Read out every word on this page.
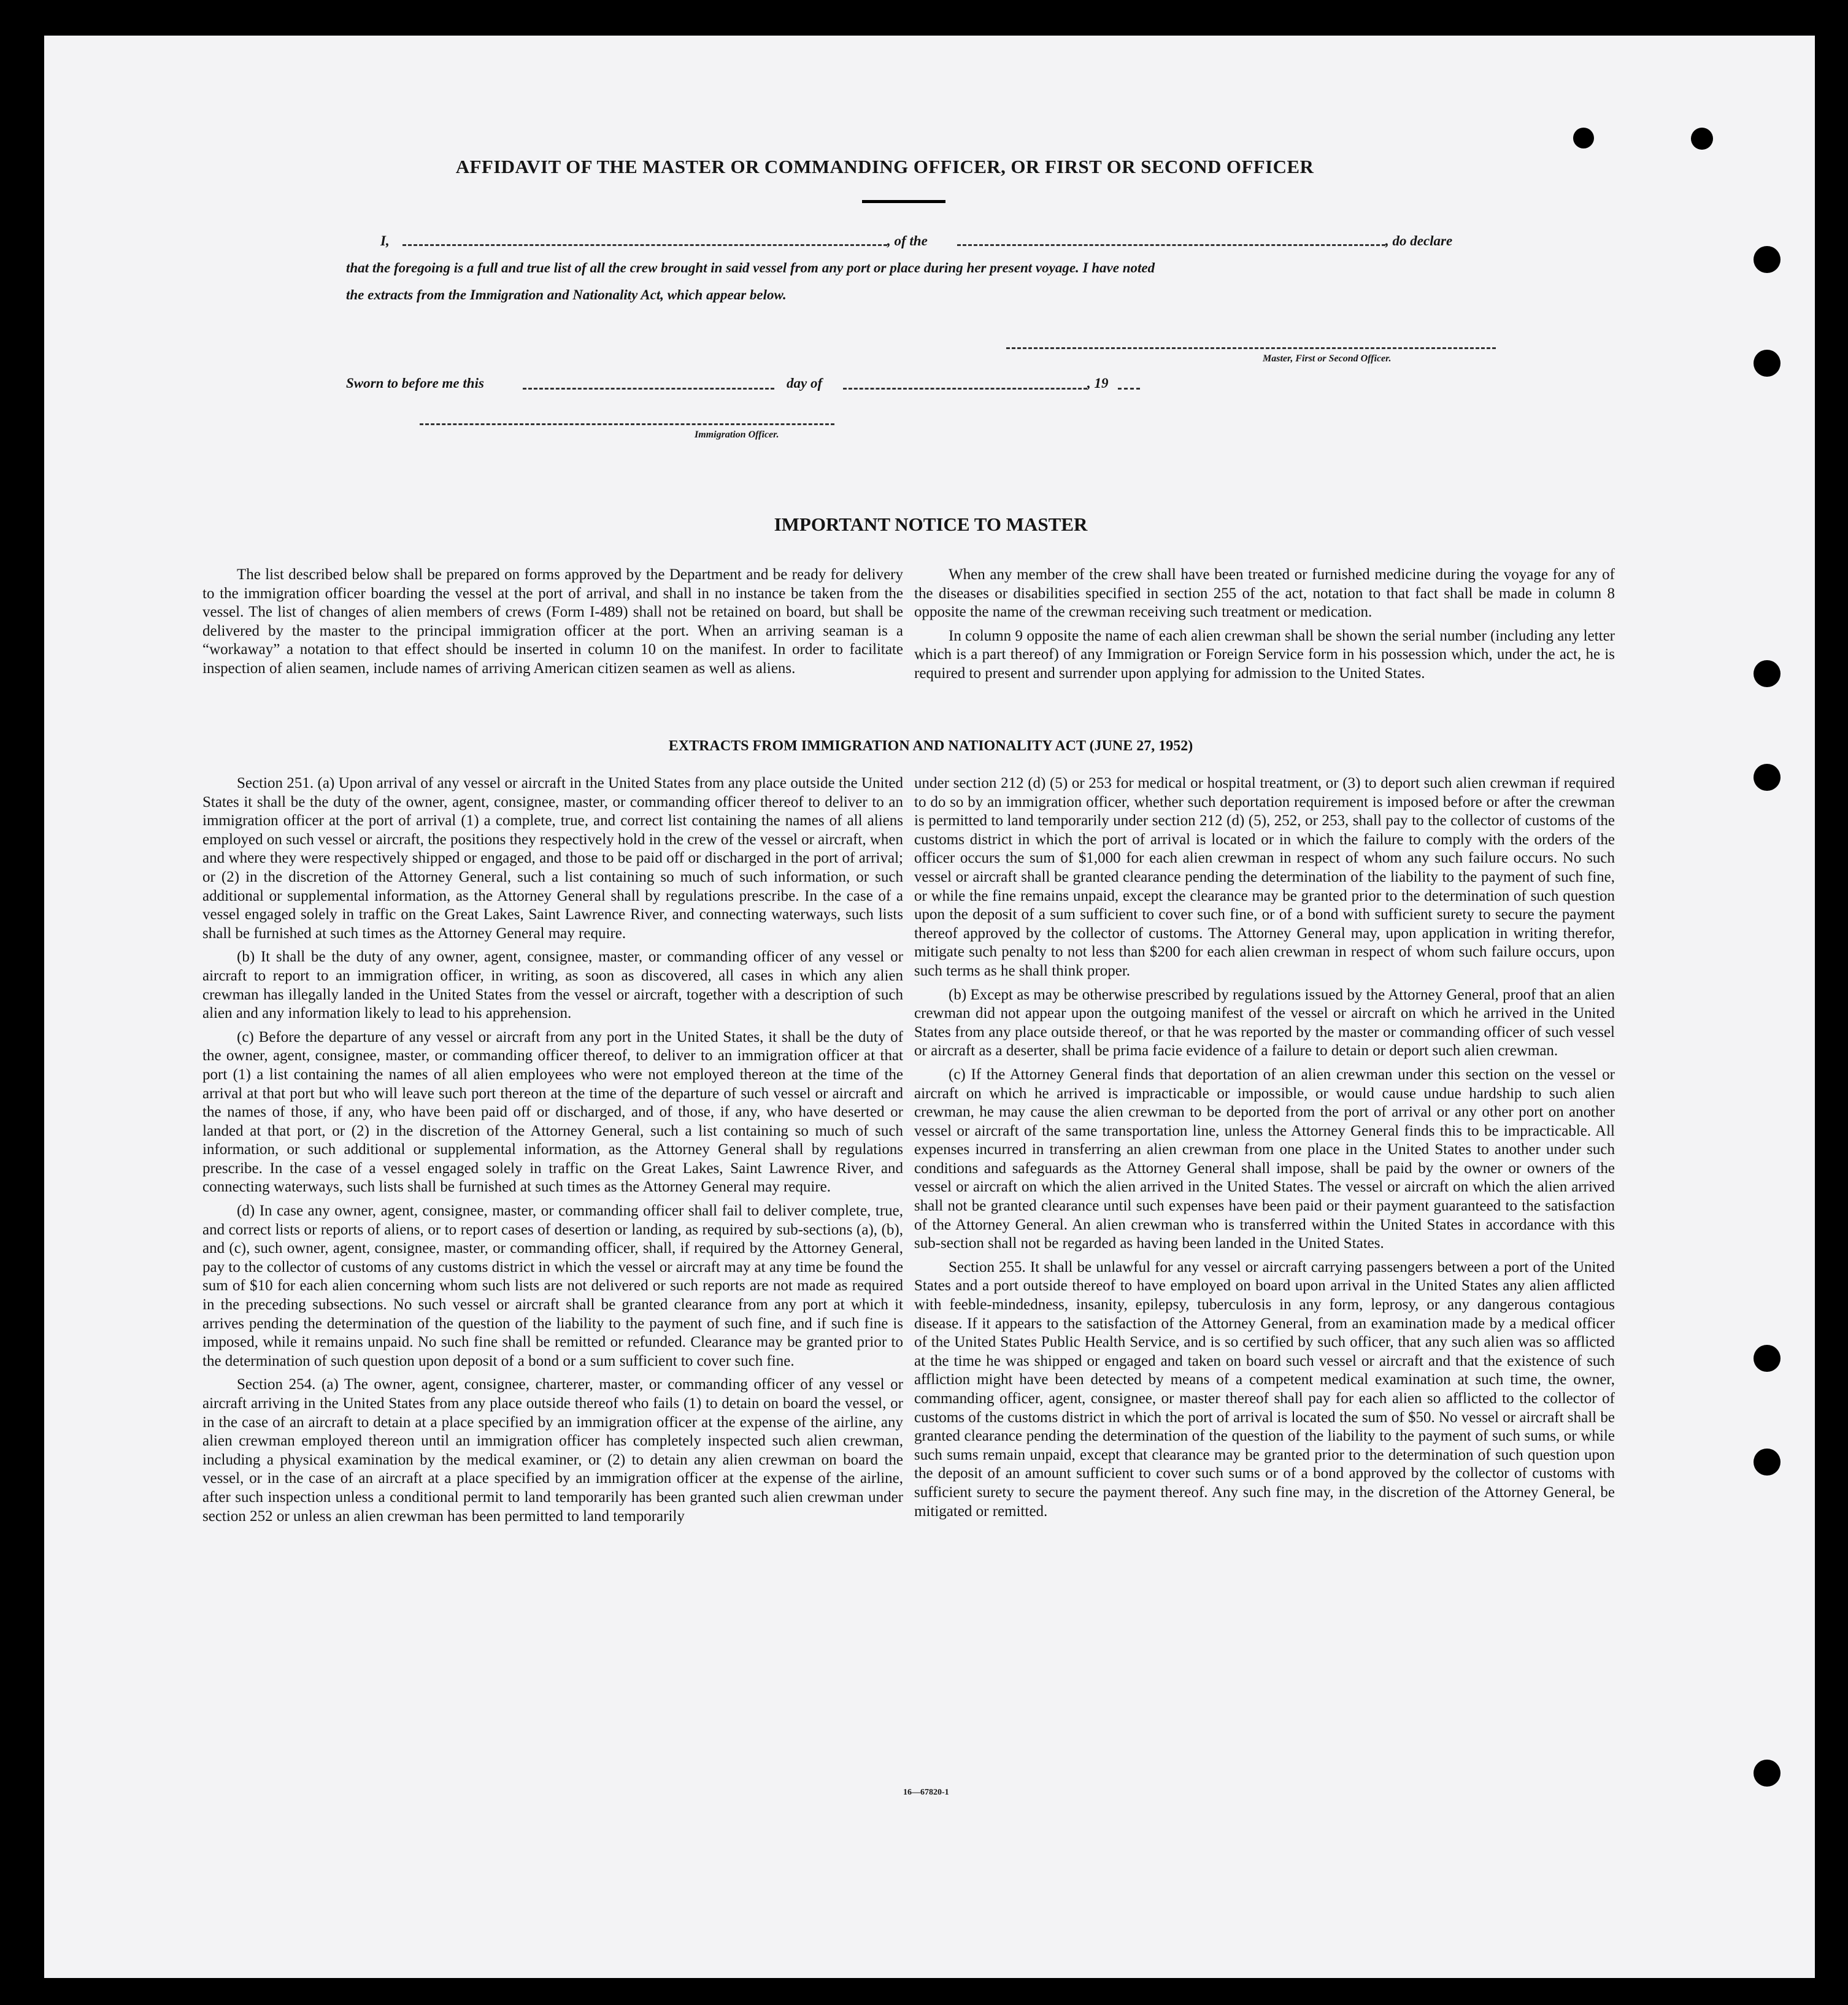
AFFIDAVIT OF THE MASTER OR COMMANDING OFFICER, OR FIRST OR SECOND OFFICER
I,	, of the	, do declare
that the foregoing is a full and true list of all the crew brought in said vessel from any port or place during her present voyage. I have noted
the extracts from the Immigration and Nationality Act, which appear below.
Master, First or Second Officer.
Sworn to before me this	day of	, 19
Immigration Officer.
IMPORTANT NOTICE TO MASTER

The list described below shall be prepared on forms approved by the Department and be ready for delivery to the immigration officer boarding the vessel at the port of arrival, and shall in no instance be taken from the vessel. The list of changes of alien members of crews (Form I-489) shall not be retained on board, but shall be delivered by the master to the principal immigration officer at the port. When an arriving seaman is a “workaway” a notation to that effect should be inserted in column 10 on the manifest. In order to facilitate inspection of alien seamen, include names of arriving American citizen seamen as well as aliens.

When any member of the crew shall have been treated or furnished medicine during the voyage for any of the diseases or disabilities specified in section 255 of the act, notation to that fact shall be made in column 8 opposite the name of the crewman receiving such treatment or medication.

In column 9 opposite the name of each alien crewman shall be shown the serial number (including any letter which is a part thereof) of any Immigration or Foreign Service form in his possession which, under the act, he is required to present and surrender upon applying for admission to the United States.

EXTRACTS FROM IMMIGRATION AND NATIONALITY ACT (JUNE 27, 1952)

Section 251. (a) Upon arrival of any vessel or aircraft in the United States from any place outside the United States it shall be the duty of the owner, agent, consignee, master, or commanding officer thereof to deliver to an immigration officer at the port of arrival (1) a complete, true, and correct list containing the names of all aliens employed on such vessel or aircraft, the positions they respectively hold in the crew of the vessel or aircraft, when and where they were respectively shipped or engaged, and those to be paid off or discharged in the port of arrival; or (2) in the discretion of the Attorney General, such a list containing so much of such information, or such additional or supplemental information, as the Attorney General shall by regulations prescribe. In the case of a vessel engaged solely in traffic on the Great Lakes, Saint Lawrence River, and connecting waterways, such lists shall be furnished at such times as the Attorney General may require.

(b) It shall be the duty of any owner, agent, consignee, master, or commanding officer of any vessel or aircraft to report to an immigration officer, in writing, as soon as discovered, all cases in which any alien crewman has illegally landed in the United States from the vessel or aircraft, together with a description of such alien and any information likely to lead to his apprehension.

(c) Before the departure of any vessel or aircraft from any port in the United States, it shall be the duty of the owner, agent, consignee, master, or commanding officer thereof, to deliver to an immigration officer at that port (1) a list containing the names of all alien employees who were not employed thereon at the time of the arrival at that port but who will leave such port thereon at the time of the departure of such vessel or aircraft and the names of those, if any, who have been paid off or discharged, and of those, if any, who have deserted or landed at that port, or (2) in the discretion of the Attorney General, such a list containing so much of such information, or such additional or supplemental information, as the Attorney General shall by regulations prescribe. In the case of a vessel engaged solely in traffic on the Great Lakes, Saint Lawrence River, and connecting waterways, such lists shall be furnished at such times as the Attorney General may require.

(d) In case any owner, agent, consignee, master, or commanding officer shall fail to deliver complete, true, and correct lists or reports of aliens, or to report cases of desertion or landing, as required by sub-sections (a), (b), and (c), such owner, agent, consignee, master, or commanding officer, shall, if required by the Attorney General, pay to the collector of customs of any customs district in which the vessel or aircraft may at any time be found the sum of $10 for each alien concerning whom such lists are not delivered or such reports are not made as required in the preceding subsections. No such vessel or aircraft shall be granted clearance from any port at which it arrives pending the determination of the question of the liability to the payment of such fine, and if such fine is imposed, while it remains unpaid. No such fine shall be remitted or refunded. Clearance may be granted prior to the determination of such question upon deposit of a bond or a sum sufficient to cover such fine.

Section 254. (a) The owner, agent, consignee, charterer, master, or commanding officer of any vessel or aircraft arriving in the United States from any place outside thereof who fails (1) to detain on board the vessel, or in the case of an aircraft to detain at a place specified by an immigration officer at the expense of the airline, any alien crewman employed thereon until an immigration officer has completely inspected such alien crewman, including a physical examination by the medical examiner, or (2) to detain any alien crewman on board the vessel, or in the case of an aircraft at a place specified by an immigration officer at the expense of the airline, after such inspection unless a conditional permit to land temporarily has been granted such alien crewman under section 252 or unless an alien crewman has been permitted to land temporarily

under section 212 (d) (5) or 253 for medical or hospital treatment, or (3) to deport such alien crewman if required to do so by an immigration officer, whether such deportation requirement is imposed before or after the crewman is permitted to land temporarily under section 212 (d) (5), 252, or 253, shall pay to the collector of customs of the customs district in which the port of arrival is located or in which the failure to comply with the orders of the officer occurs the sum of $1,000 for each alien crewman in respect of whom any such failure occurs. No such vessel or aircraft shall be granted clearance pending the determination of the liability to the payment of such fine, or while the fine remains unpaid, except the clearance may be granted prior to the determination of such question upon the deposit of a sum sufficient to cover such fine, or of a bond with sufficient surety to secure the payment thereof approved by the collector of customs. The Attorney General may, upon application in writing therefor, mitigate such penalty to not less than $200 for each alien crewman in respect of whom such failure occurs, upon such terms as he shall think proper.

(b) Except as may be otherwise prescribed by regulations issued by the Attorney General, proof that an alien crewman did not appear upon the outgoing manifest of the vessel or aircraft on which he arrived in the United States from any place outside thereof, or that he was reported by the master or commanding officer of such vessel or aircraft as a deserter, shall be prima facie evidence of a failure to detain or deport such alien crewman.

(c) If the Attorney General finds that deportation of an alien crewman under this section on the vessel or aircraft on which he arrived is impracticable or impossible, or would cause undue hardship to such alien crewman, he may cause the alien crewman to be deported from the port of arrival or any other port on another vessel or aircraft of the same transportation line, unless the Attorney General finds this to be impracticable. All expenses incurred in transferring an alien crewman from one place in the United States to another under such conditions and safeguards as the Attorney General shall impose, shall be paid by the owner or owners of the vessel or aircraft on which the alien arrived in the United States. The vessel or aircraft on which the alien arrived shall not be granted clearance until such expenses have been paid or their payment guaranteed to the satisfaction of the Attorney General. An alien crewman who is transferred within the United States in accordance with this sub-section shall not be regarded as having been landed in the United States.

Section 255. It shall be unlawful for any vessel or aircraft carrying passengers between a port of the United States and a port outside thereof to have employed on board upon arrival in the United States any alien afflicted with feeble-mindedness, insanity, epilepsy, tuberculosis in any form, leprosy, or any dangerous contagious disease. If it appears to the satisfaction of the Attorney General, from an examination made by a medical officer of the United States Public Health Service, and is so certified by such officer, that any such alien was so afflicted at the time he was shipped or engaged and taken on board such vessel or aircraft and that the existence of such affliction might have been detected by means of a competent medical examination at such time, the owner, commanding officer, agent, consignee, or master thereof shall pay for each alien so afflicted to the collector of customs of the customs district in which the port of arrival is located the sum of $50. No vessel or aircraft shall be granted clearance pending the determination of the question of the liability to the payment of such sums, or while such sums remain unpaid, except that clearance may be granted prior to the determination of such question upon the deposit of an amount sufficient to cover such sums or of a bond approved by the collector of customs with sufficient surety to secure the payment thereof. Any such fine may, in the discretion of the Attorney General, be mitigated or remitted.

16—67820-1
